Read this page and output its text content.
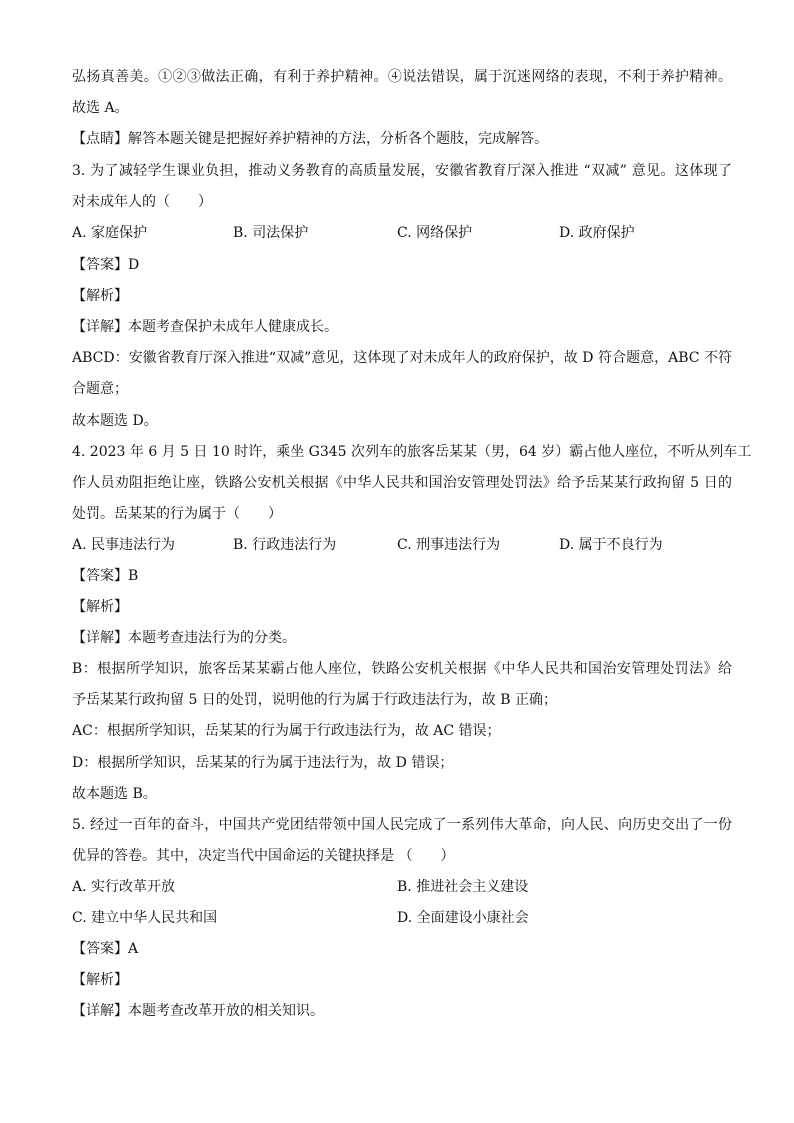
弘扬真善美。①②③做法正确，有利于养护精神。④说法错误，属于沉迷网络的表现，不利于养护精神。
故选 A。
【点睛】解答本题关键是把握好养护精神的方法，分析各个题肢，完成解答。
3. 为了减轻学生课业负担，推动义务教育的高质量发展，安徽省教育厅深入推进 “双减” 意见。这体现了
对未成年人的（　　）
A. 家庭保护	B. 司法保护	C. 网络保护	D. 政府保护
【答案】D
【解析】
【详解】本题考查保护未成年人健康成长。
ABCD：安徽省教育厅深入推进“双减”意见，这体现了对未成年人的政府保护，故 D 符合题意，ABC 不符
合题意；
故本题选 D。
4. 2023 年 6 月 5 日 10 时许，乘坐 G345 次列车的旅客岳某某（男，64 岁）霸占他人座位，不听从列车工
作人员劝阻拒绝让座，铁路公安机关根据《中华人民共和国治安管理处罚法》给予岳某某行政拘留 5 日的
处罚。岳某某的行为属于（　　）
A. 民事违法行为	B. 行政违法行为	C. 刑事违法行为	D. 属于不良行为
【答案】B
【解析】
【详解】本题考查违法行为的分类。
B：根据所学知识，旅客岳某某霸占他人座位，铁路公安机关根据《中华人民共和国治安管理处罚法》给
予岳某某行政拘留 5 日的处罚，说明他的行为属于行政违法行为，故 B 正确；
AC：根据所学知识，岳某某的行为属于行政违法行为，故 AC 错误；
D：根据所学知识，岳某某的行为属于违法行为，故 D 错误；
故本题选 B。
5. 经过一百年的奋斗，中国共产党团结带领中国人民完成了一系列伟大革命，向人民、向历史交出了一份
优异的答卷。其中，决定当代中国命运的关键抉择是 （　　）
A. 实行改革开放	B. 推进社会主义建设
C. 建立中华人民共和国	D. 全面建设小康社会
【答案】A
【解析】
【详解】本题考查改革开放的相关知识。
